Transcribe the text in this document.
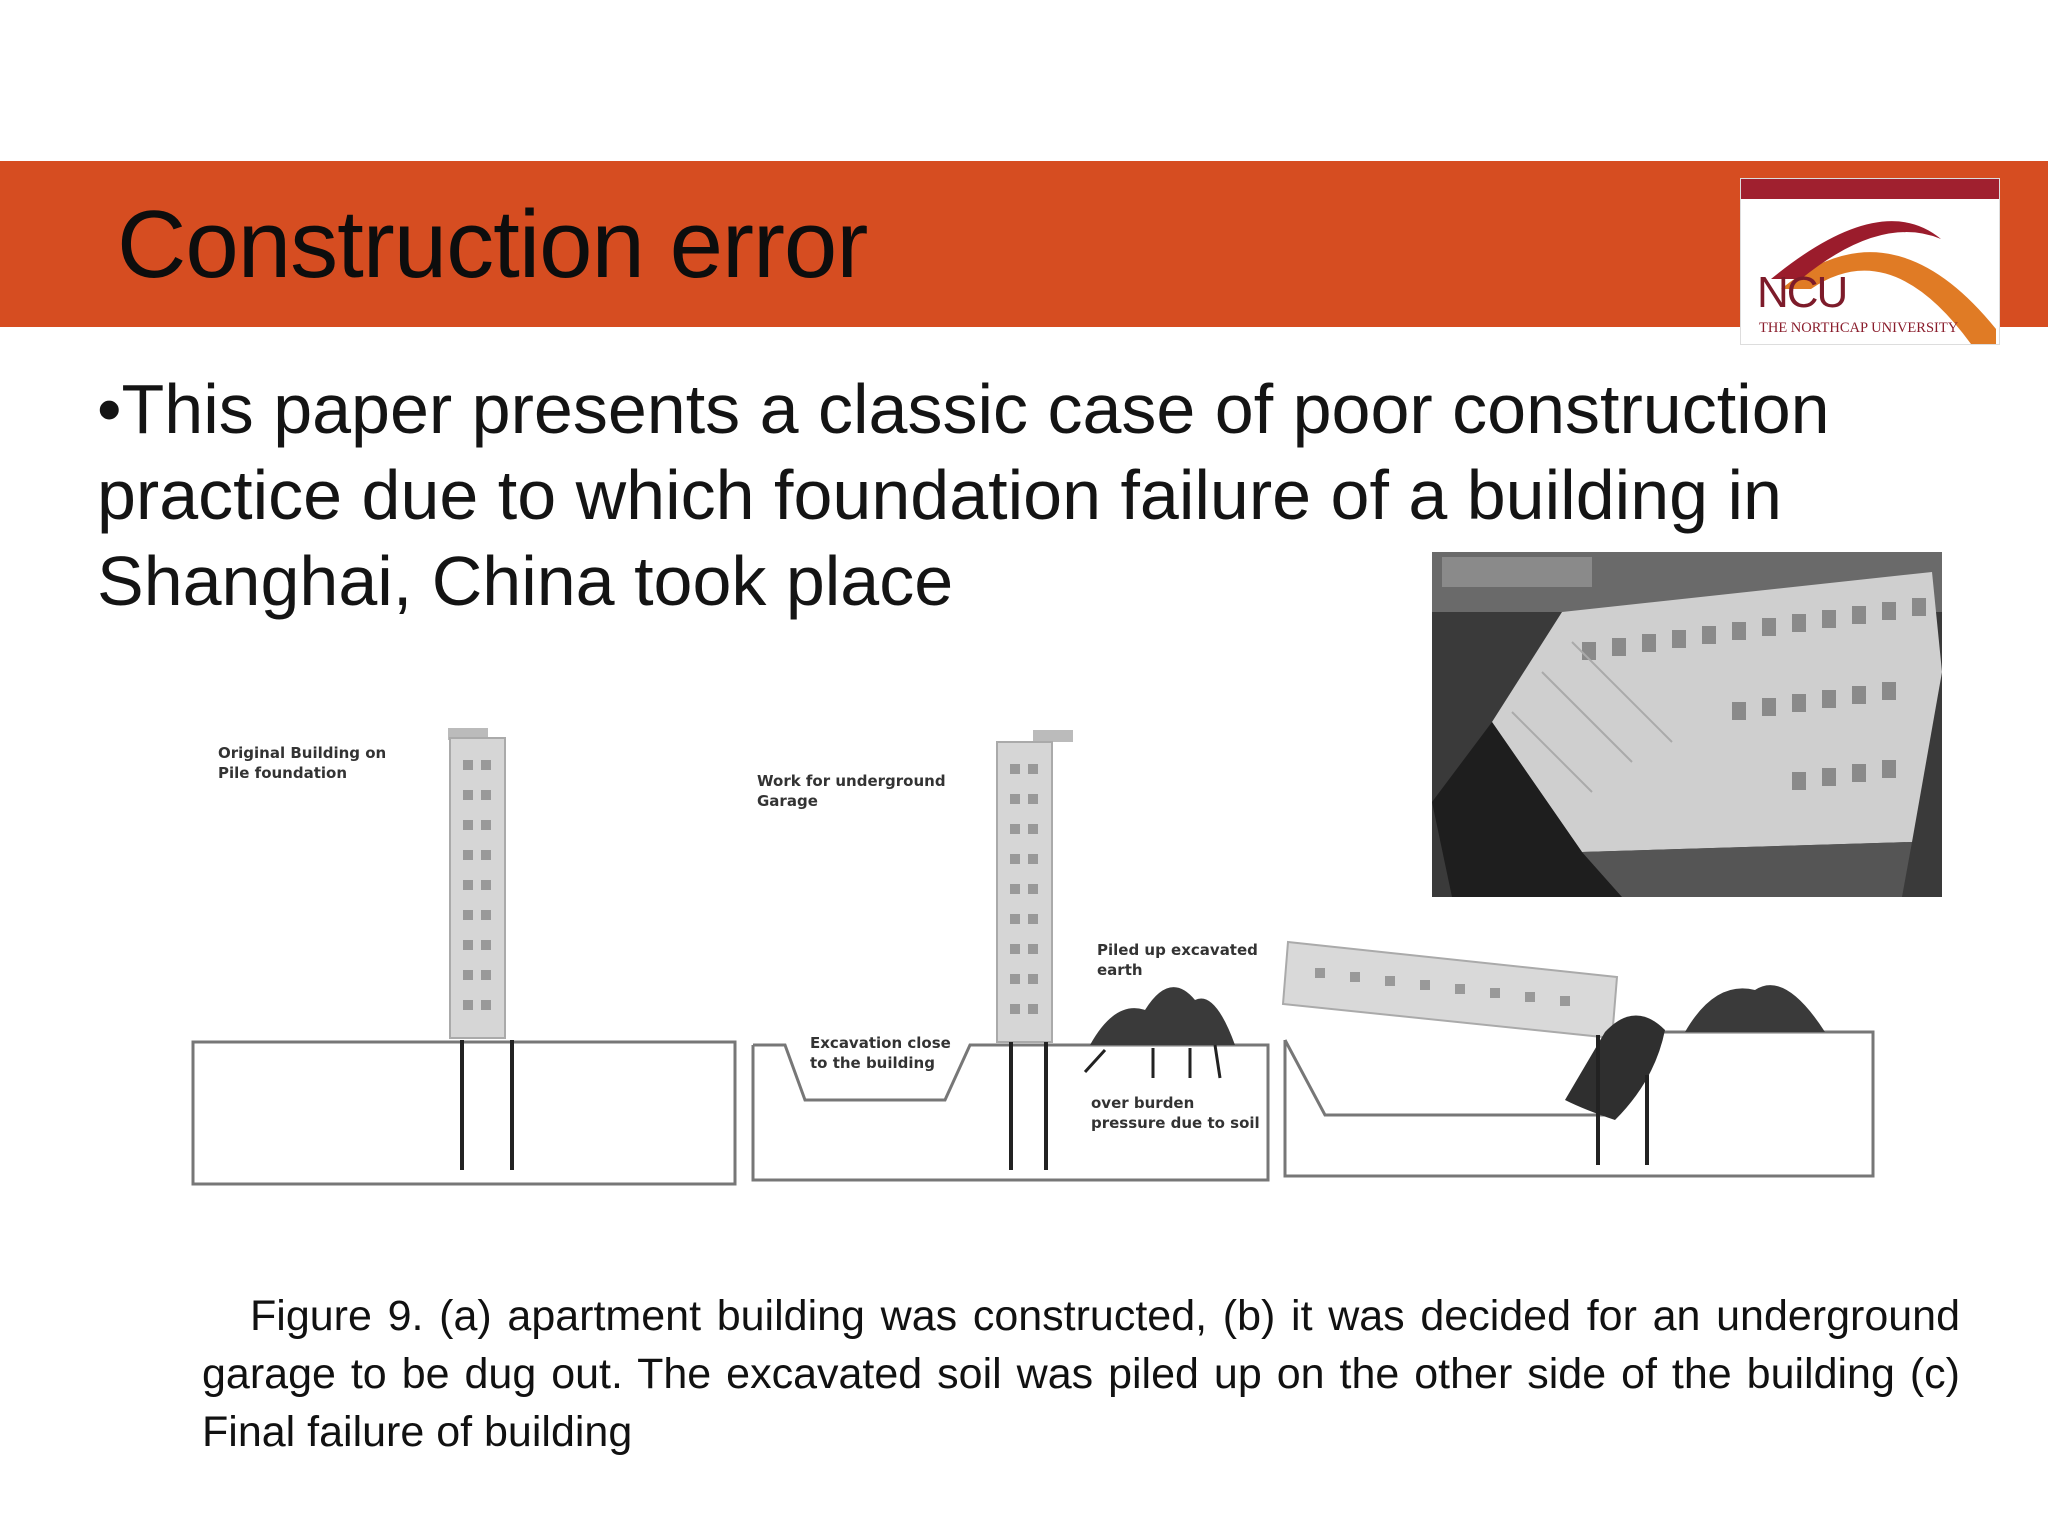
Construction error	NCU
THE NORTHCAP UNIVERSITY

•This paper presents a classic case of poor construction practice due to which foundation failure of a building in Shanghai, China took place

Original Building on
Pile foundation	Work for underground
Garage
Piled up excavated
earth
Excavation close
to the building
over burden
pressure due to soil

Figure 9. (a) apartment building was constructed, (b) it was decided for an underground garage to be dug out. The excavated soil was piled up on the other side of the building (c) Final failure of building
